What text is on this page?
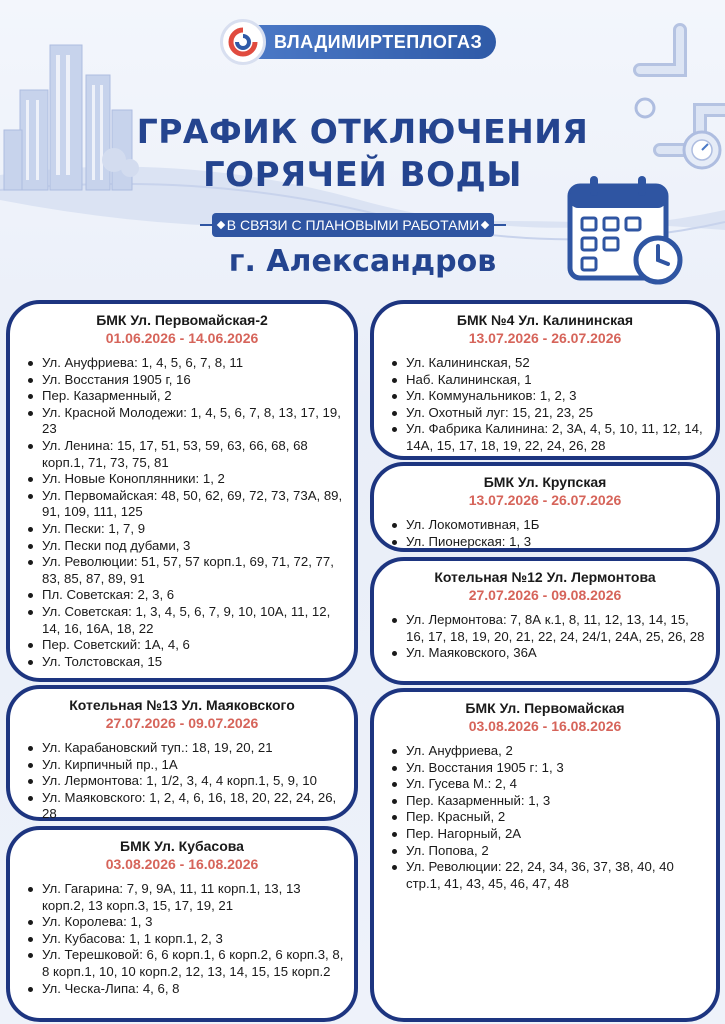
ВЛАДИМИРТЕПЛОГАЗ
ГРАФИК ОТКЛЮЧЕНИЯ
ГОРЯЧЕЙ ВОДЫ
В СВЯЗИ С ПЛАНОВЫМИ РАБОТАМИ
г. Александров
БМК Ул. Первомайская-2
01.06.2026 - 14.06.2026
Ул. Ануфриева: 1, 4, 5, 6, 7, 8, 11
Ул. Восстания 1905 г, 16
Пер. Казарменный, 2
Ул. Красной Молодежи: 1, 4, 5, 6, 7, 8, 13, 17, 19, 23
Ул. Ленина: 15, 17, 51, 53, 59, 63, 66, 68, 68 корп.1, 71, 73, 75, 81
Ул. Новые Коноплянники: 1, 2
Ул. Первомайская: 48, 50, 62, 69, 72, 73, 73А, 89, 91, 109, 111, 125
Ул. Пески: 1, 7, 9
Ул. Пески под дубами, 3
Ул. Революции: 51, 57, 57 корп.1, 69, 71, 72, 77, 83, 85, 87, 89, 91
Пл. Советская: 2, 3, 6
Ул. Советская: 1, 3, 4, 5, 6, 7, 9, 10, 10А, 11, 12, 14, 16, 16А, 18, 22
Пер. Советский: 1А, 4, 6
Ул. Толстовская, 15
БМК №4 Ул. Калининская
13.07.2026 - 26.07.2026
Ул. Калининская, 52
Наб. Калининская, 1
Ул. Коммунальников: 1, 2, 3
Ул. Охотный луг: 15, 21, 23, 25
Ул. Фабрика Калинина: 2, 3А, 4, 5, 10, 11, 12, 14, 14А, 15, 17, 18, 19, 22, 24, 26, 28
БМК Ул. Крупская
13.07.2026 - 26.07.2026
Ул. Локомотивная, 1Б
Ул. Пионерская: 1, 3
Котельная №12 Ул. Лермонтова
27.07.2026 - 09.08.2026
Ул. Лермонтова: 7, 8А к.1, 8, 11, 12, 13, 14, 15, 16, 17, 18, 19, 20, 21, 22, 24, 24/1, 24А, 25, 26, 28
Ул. Маяковского, 36А
Котельная №13 Ул. Маяковского
27.07.2026 - 09.07.2026
Ул. Карабановский туп.: 18, 19, 20, 21
Ул. Кирпичный пр., 1А
Ул. Лермонтова: 1, 1/2, 3, 4, 4 корп.1, 5, 9, 10
Ул. Маяковского: 1, 2, 4, 6, 16, 18, 20, 22, 24, 26, 28
БМК Ул. Первомайская
03.08.2026 - 16.08.2026
Ул. Ануфриева, 2
Ул. Восстания 1905 г: 1, 3
Ул. Гусева М.: 2, 4
Пер. Казарменный: 1, 3
Пер. Красный, 2
Пер. Нагорный, 2А
Ул. Попова, 2
Ул. Революции: 22, 24, 34, 36, 37, 38, 40, 40 стр.1, 41, 43, 45, 46, 47, 48
БМК Ул. Кубасова
03.08.2026 - 16.08.2026
Ул. Гагарина: 7, 9, 9А, 11, 11 корп.1, 13, 13 корп.2, 13 корп.3, 15, 17, 19, 21
Ул. Королева: 1, 3
Ул. Кубасова: 1, 1 корп.1, 2, 3
Ул. Терешковой: 6, 6 корп.1, 6 корп.2, 6 корп.3, 8, 8 корп.1, 10, 10 корп.2, 12, 13, 14, 15, 15 корп.2
Ул. Ческа-Липа: 4, 6, 8
